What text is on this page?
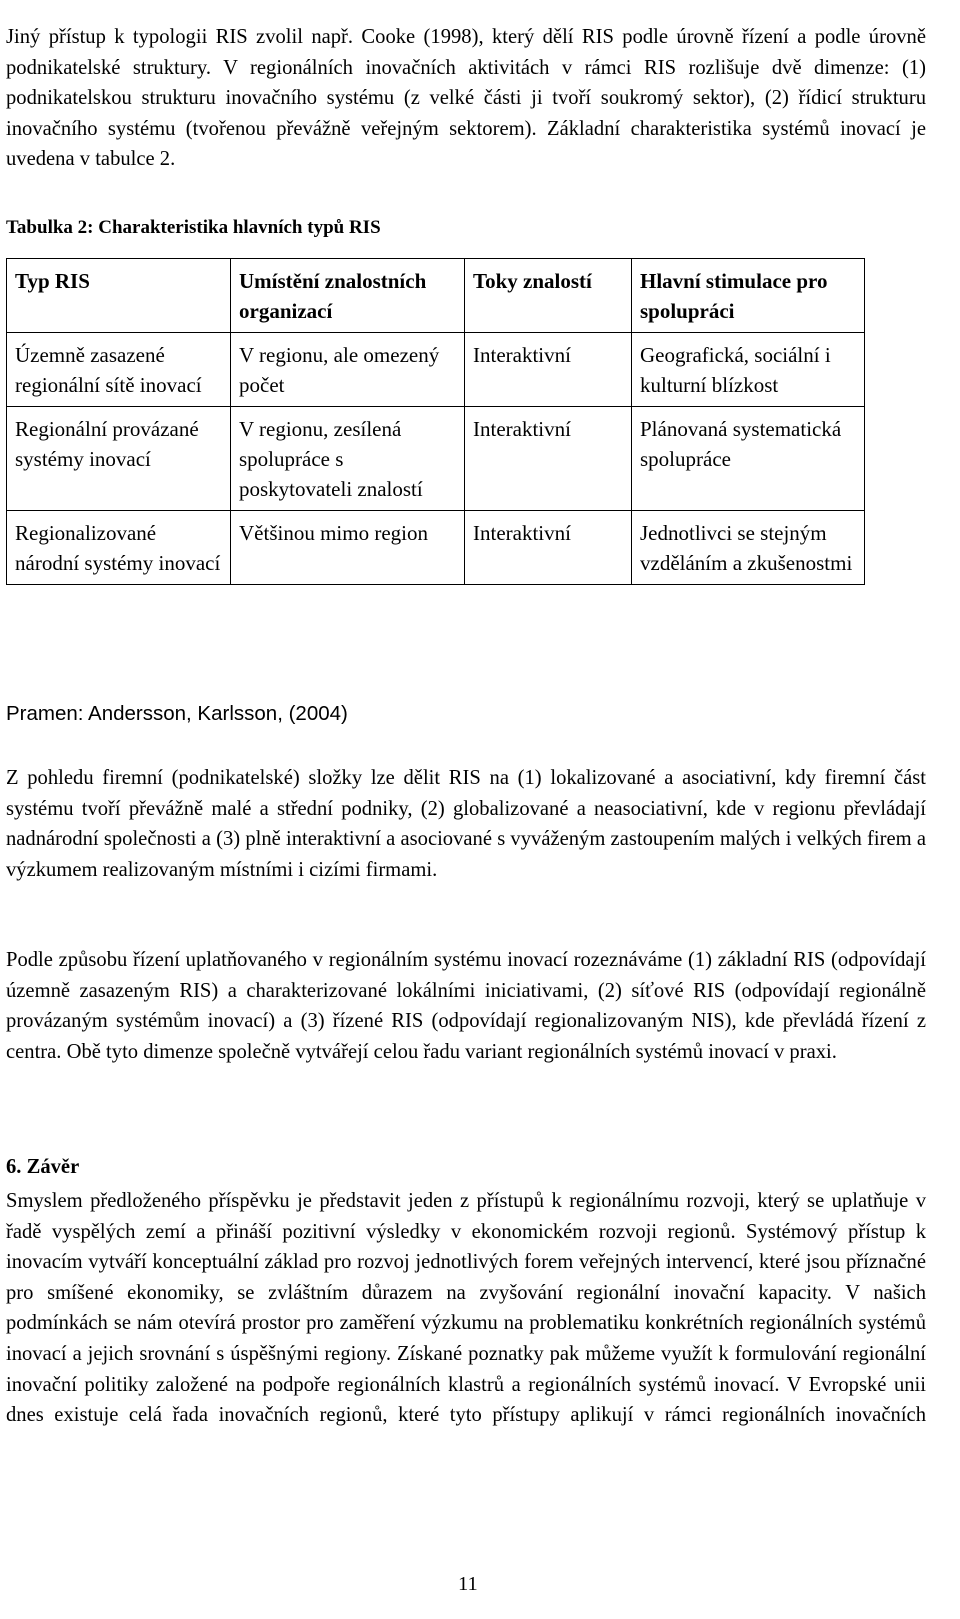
Jiný přístup k typologii RIS zvolil např. Cooke (1998), který dělí RIS podle úrovně řízení a podle úrovně podnikatelské struktury. V regionálních inovačních aktivitách v rámci RIS rozlišuje dvě dimenze: (1) podnikatelskou strukturu inovačního systému (z velké části ji tvoří soukromý sektor), (2) řídicí strukturu inovačního systému (tvořenou převážně veřejným sektorem). Základní charakteristika systémů inovací je uvedena v tabulce 2.

Tabulka 2: Charakteristika hlavních typů RIS
Typ RIS	Umístění znalostních organizací	Toky znalostí	Hlavní stimulace pro spolupráci
Územně zasazené regionální sítě inovací	V regionu, ale omezený počet	Interaktivní	Geografická, sociální i kulturní blízkost
Regionální provázané systémy inovací	V regionu, zesílená spolupráce s poskytovateli znalostí	Interaktivní	Plánovaná systematická spolupráce
Regionalizované národní systémy inovací	Většinou mimo region	Interaktivní	Jednotlivci se stejným vzděláním a zkušenostmi
Pramen: Andersson, Karlsson, (2004)

Z pohledu firemní (podnikatelské) složky lze dělit RIS na (1) lokalizované a asociativní, kdy firemní část systému tvoří převážně malé a střední podniky, (2) globalizované a neasociativní, kde v regionu převládají nadnárodní společnosti a (3) plně interaktivní a asociované s vyváženým zastoupením malých i velkých firem a výzkumem realizovaným místními i cizími firmami.

Podle způsobu řízení uplatňovaného v regionálním systému inovací rozeznáváme (1) základní RIS (odpovídají územně zasazeným RIS) a charakterizované lokálními iniciativami, (2) síťové RIS (odpovídají regionálně provázaným systémům inovací) a (3) řízené RIS (odpovídají regionalizovaným NIS), kde převládá řízení z centra. Obě tyto dimenze společně vytvářejí celou řadu variant regionálních systémů inovací v praxi.

6. Závěr

Smyslem předloženého příspěvku je představit jeden z přístupů k regionálnímu rozvoji, který se uplatňuje v řadě vyspělých zemí a přináší pozitivní výsledky v ekonomickém rozvoji regionů. Systémový přístup k inovacím vytváří konceptuální základ pro rozvoj jednotlivých forem veřejných intervencí, které jsou příznačné pro smíšené ekonomiky, se zvláštním důrazem na zvyšování regionální inovační kapacity. V našich podmínkách se nám otevírá prostor pro zaměření výzkumu na problematiku konkrétních regionálních systémů inovací a jejich srovnání s úspěšnými regiony. Získané poznatky pak můžeme využít k formulování regionální inovační politiky založené na podpoře regionálních klastrů a regionálních systémů inovací. V Evropské unii dnes existuje celá řada inovačních regionů, které tyto přístupy aplikují v rámci regionálních inovačních

11
